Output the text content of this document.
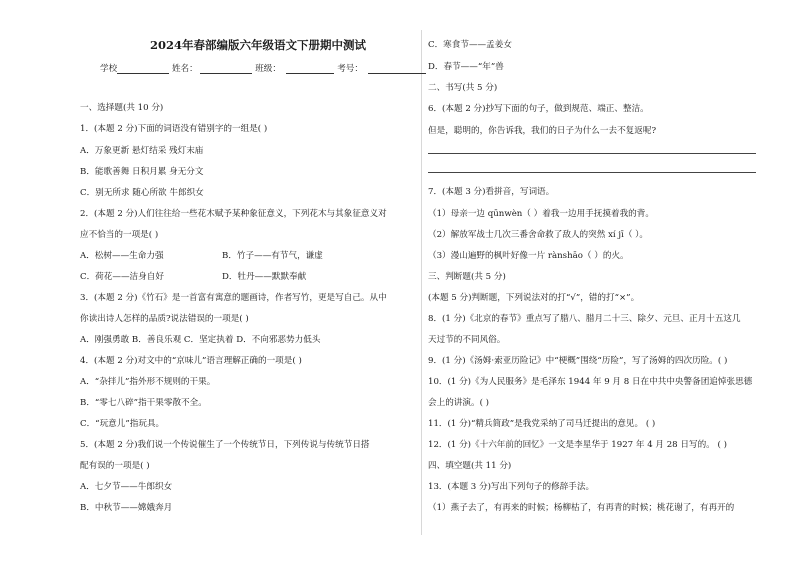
2024年春部编版六年级语文下册期中测试
学校	姓名：	班级：	考号：
一、选择题(共 10 分)
1．(本题 2 分)下面的词语没有错别字的一组是( )
A．万象更新 悬灯结采 残灯末庙
B．能歌善舞 日积月累 身无分文
C．别无所求 随心所欲 牛郎织女
2．(本题 2 分)人们往往给一些花木赋予某种象征意义，下列花木与其象征意义对
应不恰当的一项是( )
A．松树——生命力强	B．竹子——有节气，谦虚
C．荷花——洁身自好	D．牡丹——默默奉献
3．(本题 2 分)《竹石》是一首富有寓意的题画诗，作者写竹，更是写自己。从中
你读出诗人怎样的品质?说法错误的一项是( )
A．刚强勇敢 B．善良乐观 C．坚定执着 D．不向邪恶势力低头
4．(本题 2 分)对文中的“京味儿”语言理解正确的一项是( )
A．“杂拌儿”指外形不规则的干果。
B．“零七八碎”指干果零散不全。
C．“玩意儿”指玩具。
5．(本题 2 分)我们说一个传说催生了一个传统节日，下列传说与传统节日搭
配有误的一项是( )
A．七夕节——牛郎织女
B．中秋节——嫦娥奔月
C．寒食节——孟姜女
D．春节——“年”兽
二、书写(共 5 分)
6．(本题 2 分)抄写下面的句子，做到规范、端正、整洁。
但是，聪明的，你告诉我，我们的日子为什么一去不复返呢?
7．(本题 3 分)看拼音，写词语。
（1）母亲一边 qūnwèn（ ）着我一边用手抚摸着我的背。
（2）解放军战士几次三番舍命救了敌人的突然 xí jī（ ）。
（3）漫山遍野的枫叶好像一片 rànshāo（ ）的火。
三、判断题(共 5 分)
(本题 5 分)判断题，下列说法对的打“√”，错的打“×”。
8．(1 分)《北京的春节》重点写了腊八、腊月二十三、除夕、元旦、正月十五这几
天过节的不同风俗。
9．(1 分)《汤姆·索亚历险记》中“梗概”围绕“历险”，写了汤姆的四次历险。( )
10．(1 分)《为人民服务》是毛泽东 1944 年 9 月 8 日在中共中央警备团追悼张思德
会上的讲演。( )
11．(1 分)“精兵简政”是我党采纳了司马迁提出的意见。 ( )
12．(1 分)《十六年前的回忆》一文是李星华于 1927 年 4 月 28 日写的。 ( )
四、填空题(共 11 分)
13．(本题 3 分)写出下列句子的修辞手法。
（1）燕子去了，有再来的时候；杨柳枯了，有再青的时候；桃花谢了，有再开的
